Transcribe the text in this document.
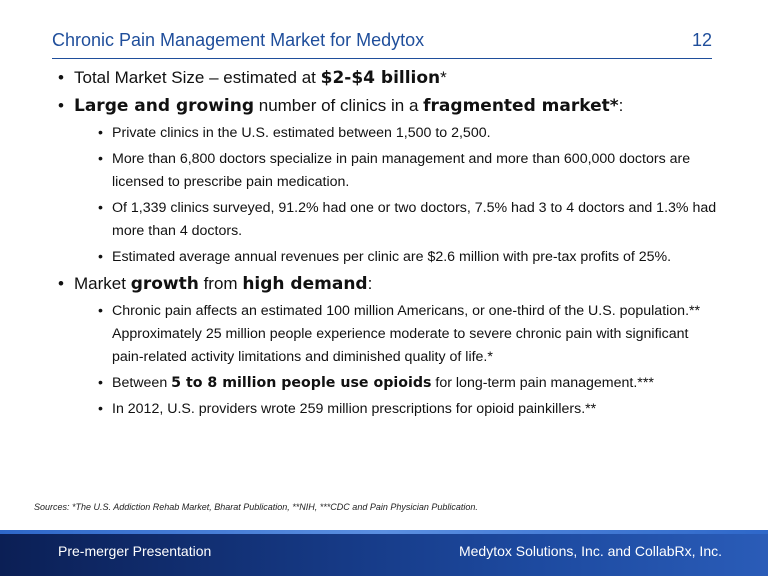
Chronic Pain Management Market for Medytox	12
• Total Market Size – estimated at $2-$4 billion*
• Large and growing number of clinics in a fragmented market*:
• Private clinics in the U.S. estimated between 1,500 to 2,500.
• More than 6,800 doctors specialize in pain management and more than 600,000 doctors are licensed to prescribe pain medication.
• Of 1,339 clinics surveyed, 91.2% had one or two doctors, 7.5% had 3 to 4 doctors and 1.3% had more than 4 doctors.
• Estimated average annual revenues per clinic are $2.6 million with pre-tax profits of 25%.
• Market growth from high demand:
• Chronic pain affects an estimated 100 million Americans, or one-third of the U.S. population.** Approximately 25 million people experience moderate to severe chronic pain with significant pain-related activity limitations and diminished quality of life.*
• Between 5 to 8 million people use opioids for long-term pain management.***
• In 2012, U.S. providers wrote 259 million prescriptions for opioid painkillers.**
Sources: *The U.S. Addiction Rehab Market, Bharat Publication, **NIH, ***CDC and Pain Physician Publication.
Pre-merger Presentation	Medytox Solutions, Inc. and CollabRx, Inc.
